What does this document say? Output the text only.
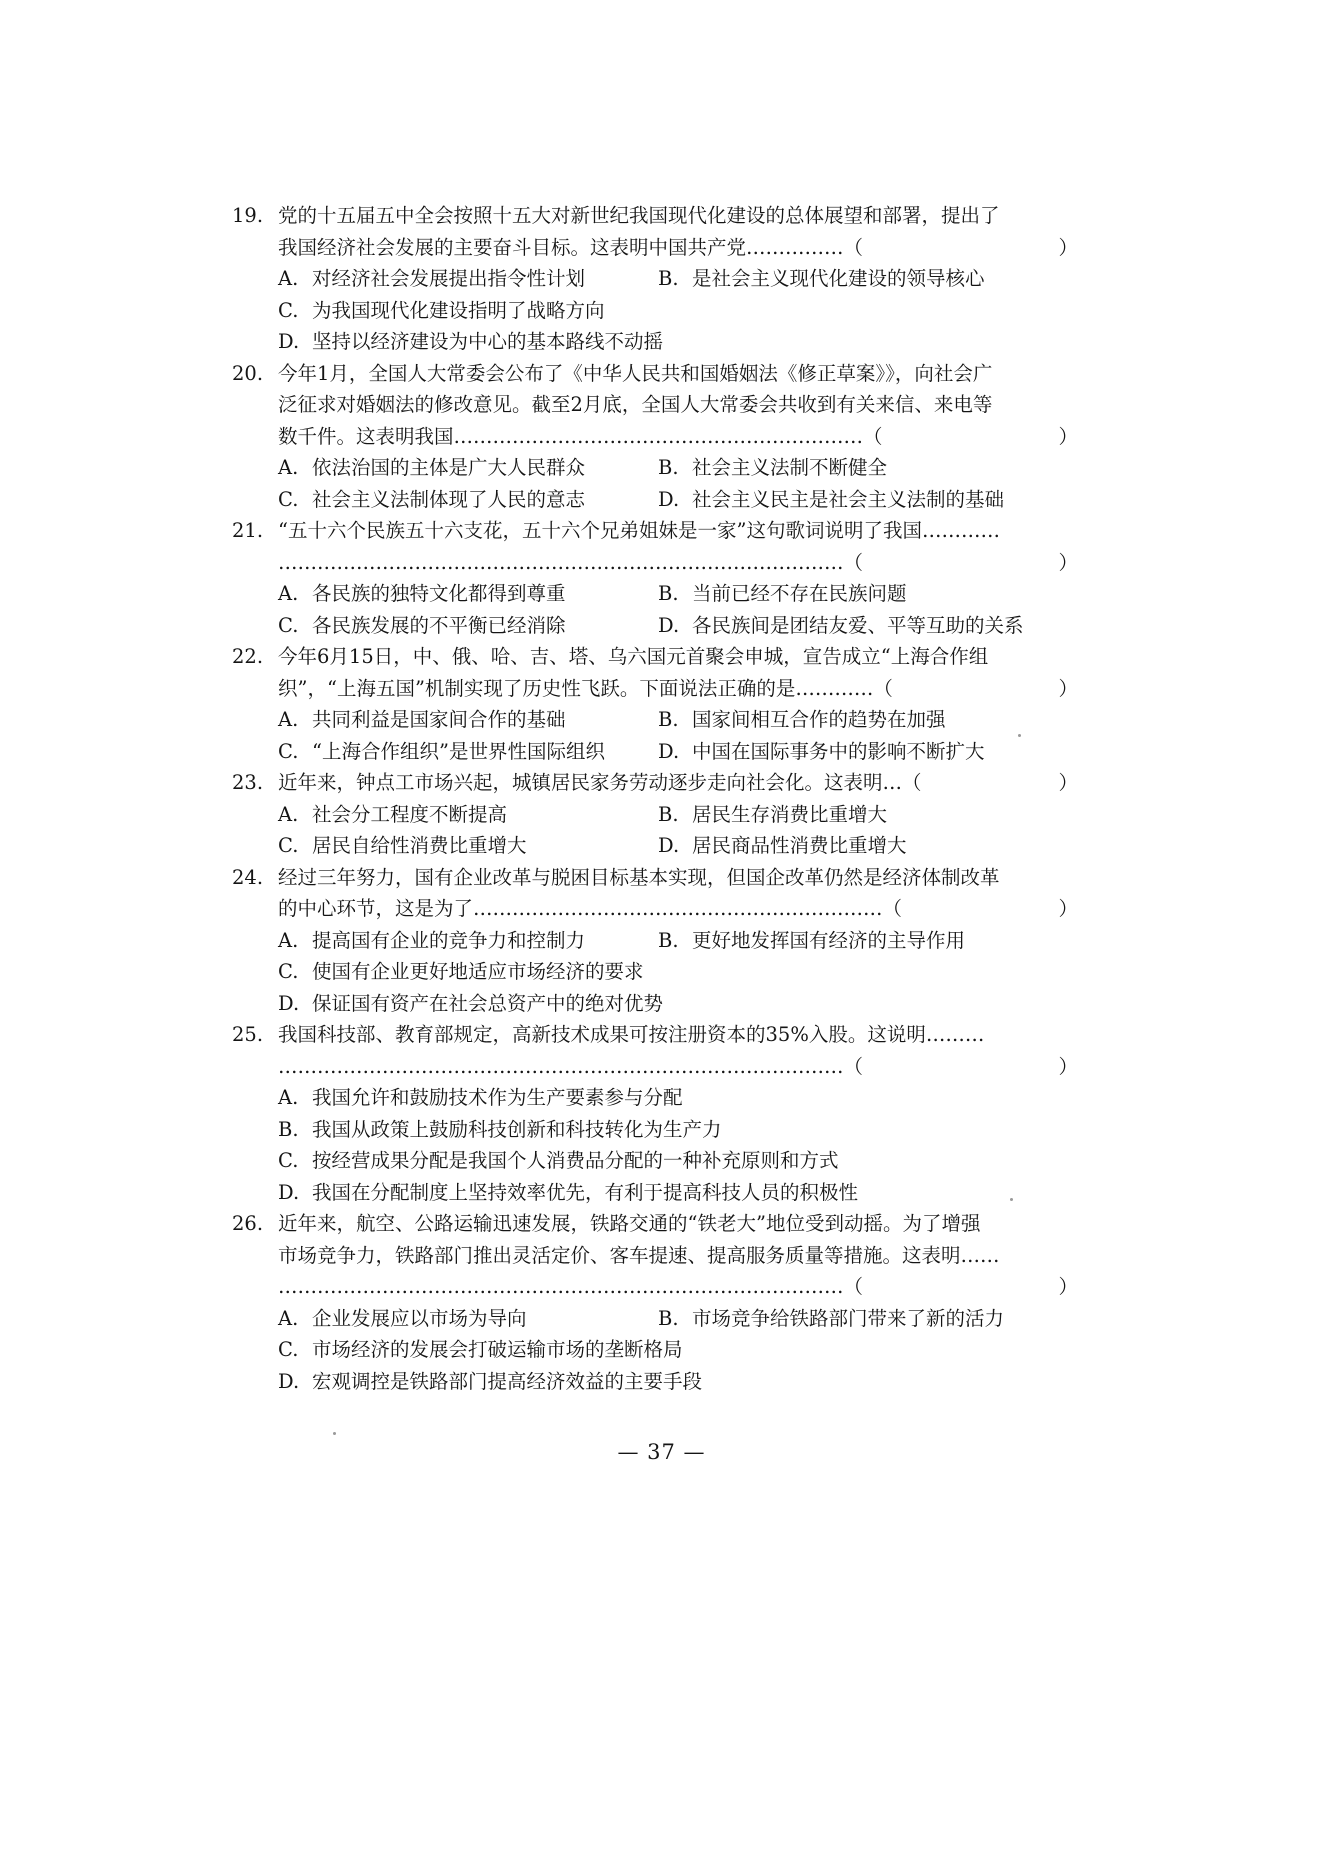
19. 党的十五届五中全会按照十五大对新世纪我国现代化建设的总体展望和部署，提出了
我国经济社会发展的主要奋斗目标。这表明中国共产党……………（	）
A. 对经济社会发展提出指令性计划	B. 是社会主义现代化建设的领导核心
C. 为我国现代化建设指明了战略方向
D. 坚持以经济建设为中心的基本路线不动摇
20. 今年1月，全国人大常委会公布了《中华人民共和国婚姻法《修正草案》》，向社会广
泛征求对婚姻法的修改意见。截至2月底，全国人大常委会共收到有关来信、来电等
数千件。这表明我国………………………………………………………（	）
A. 依法治国的主体是广大人民群众	B. 社会主义法制不断健全
C. 社会主义法制体现了人民的意志	D. 社会主义民主是社会主义法制的基础
21. “五十六个民族五十六支花，五十六个兄弟姐妹是一家”这句歌词说明了我国…………
……………………………………………………………………………（	）
A. 各民族的独特文化都得到尊重	B. 当前已经不存在民族问题
C. 各民族发展的不平衡已经消除	D. 各民族间是团结友爱、平等互助的关系
22. 今年6月15日，中、俄、哈、吉、塔、乌六国元首聚会申城，宣告成立“上海合作组
织”，“上海五国”机制实现了历史性飞跃。下面说法正确的是…………（	）
A. 共同利益是国家间合作的基础	B. 国家间相互合作的趋势在加强
C. “上海合作组织”是世界性国际组织	D. 中国在国际事务中的影响不断扩大
23. 近年来，钟点工市场兴起，城镇居民家务劳动逐步走向社会化。这表明…（	）
A. 社会分工程度不断提高	B. 居民生存消费比重增大
C. 居民自给性消费比重增大	D. 居民商品性消费比重增大
24. 经过三年努力，国有企业改革与脱困目标基本实现，但国企改革仍然是经济体制改革
的中心环节，这是为了………………………………………………………（	）
A. 提高国有企业的竞争力和控制力	B. 更好地发挥国有经济的主导作用
C. 使国有企业更好地适应市场经济的要求
D. 保证国有资产在社会总资产中的绝对优势
25. 我国科技部、教育部规定，高新技术成果可按注册资本的35%入股。这说明………
……………………………………………………………………………（	）
A. 我国允许和鼓励技术作为生产要素参与分配
B. 我国从政策上鼓励科技创新和科技转化为生产力
C. 按经营成果分配是我国个人消费品分配的一种补充原则和方式
D. 我国在分配制度上坚持效率优先，有利于提高科技人员的积极性
26. 近年来，航空、公路运输迅速发展，铁路交通的“铁老大”地位受到动摇。为了增强
市场竞争力，铁路部门推出灵活定价、客车提速、提高服务质量等措施。这表明……
……………………………………………………………………………（	）
A. 企业发展应以市场为导向	B. 市场竞争给铁路部门带来了新的活力
C. 市场经济的发展会打破运输市场的垄断格局
D. 宏观调控是铁路部门提高经济效益的主要手段
— 37 —
